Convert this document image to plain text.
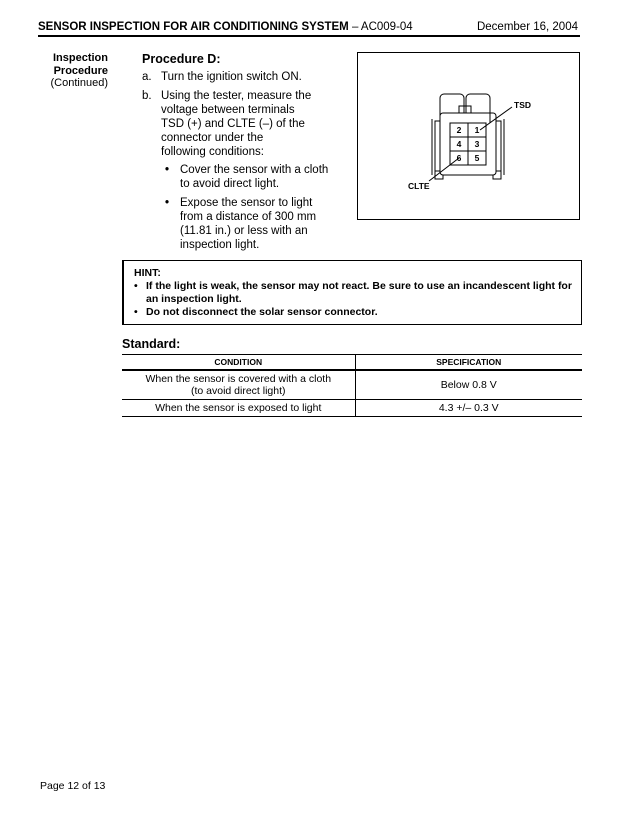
SENSOR INSPECTION FOR AIR CONDITIONING SYSTEM – AC009-04	December 16, 2004
Inspection
Procedure
(Continued)
Procedure D:
a. Turn the ignition switch ON.
b. Using the tester, measure the
voltage between terminals
TSD (+) and CLTE (–) of the
connector under the
following conditions:
• Cover the sensor with a cloth
to avoid direct light.
• Expose the sensor to light
from a distance of 300 mm
(11.81 in.) or less with an
inspection light.
2 1
4 3
6 5
TSD
CLTE
HINT:
• If the light is weak, the sensor may not react. Be sure to use an incandescent light for an inspection light.
• Do not disconnect the solar sensor connector.
Standard:
CONDITION	SPECIFICATION
When the sensor is covered with a cloth
(to avoid direct light)	Below 0.8 V
When the sensor is exposed to light	4.3 +/– 0.3 V
Page 12 of 13
